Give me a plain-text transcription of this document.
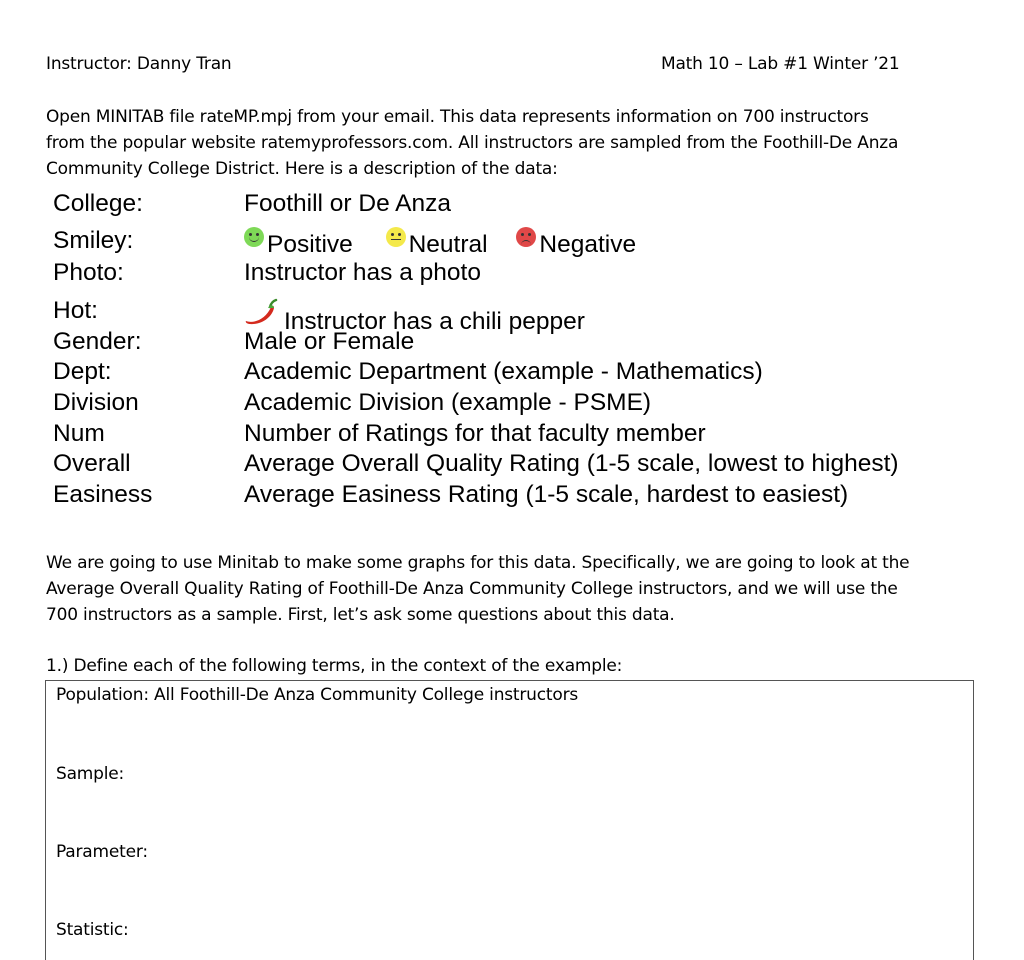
Instructor: Danny Tran	Math 10 – Lab #1 Winter ’21
Open MINITAB file rateMP.mpj from your email. This data represents information on 700 instructors
from the popular website ratemyprofessors.com. All instructors are sampled from the Foothill-De Anza
Community College District. Here is a description of the data:
College:	Foothill or De Anza
Smiley:	Positive Neutral Negative
Photo:	Instructor has a photo
Hot:	Instructor has a chili pepper
Gender:	Male or Female
Dept:	Academic Department (example - Mathematics)
Division	Academic Division (example - PSME)
Num	Number of Ratings for that faculty member
Overall	Average Overall Quality Rating (1-5 scale, lowest to highest)
Easiness	Average Easiness Rating (1-5 scale, hardest to easiest)
We are going to use Minitab to make some graphs for this data. Specifically, we are going to look at the
Average Overall Quality Rating of Foothill-De Anza Community College instructors, and we will use the
700 instructors as a sample. First, let’s ask some questions about this data.
1.) Define each of the following terms, in the context of the example:
Population: All Foothill-De Anza Community College instructors
Sample:
Parameter:
Statistic:
